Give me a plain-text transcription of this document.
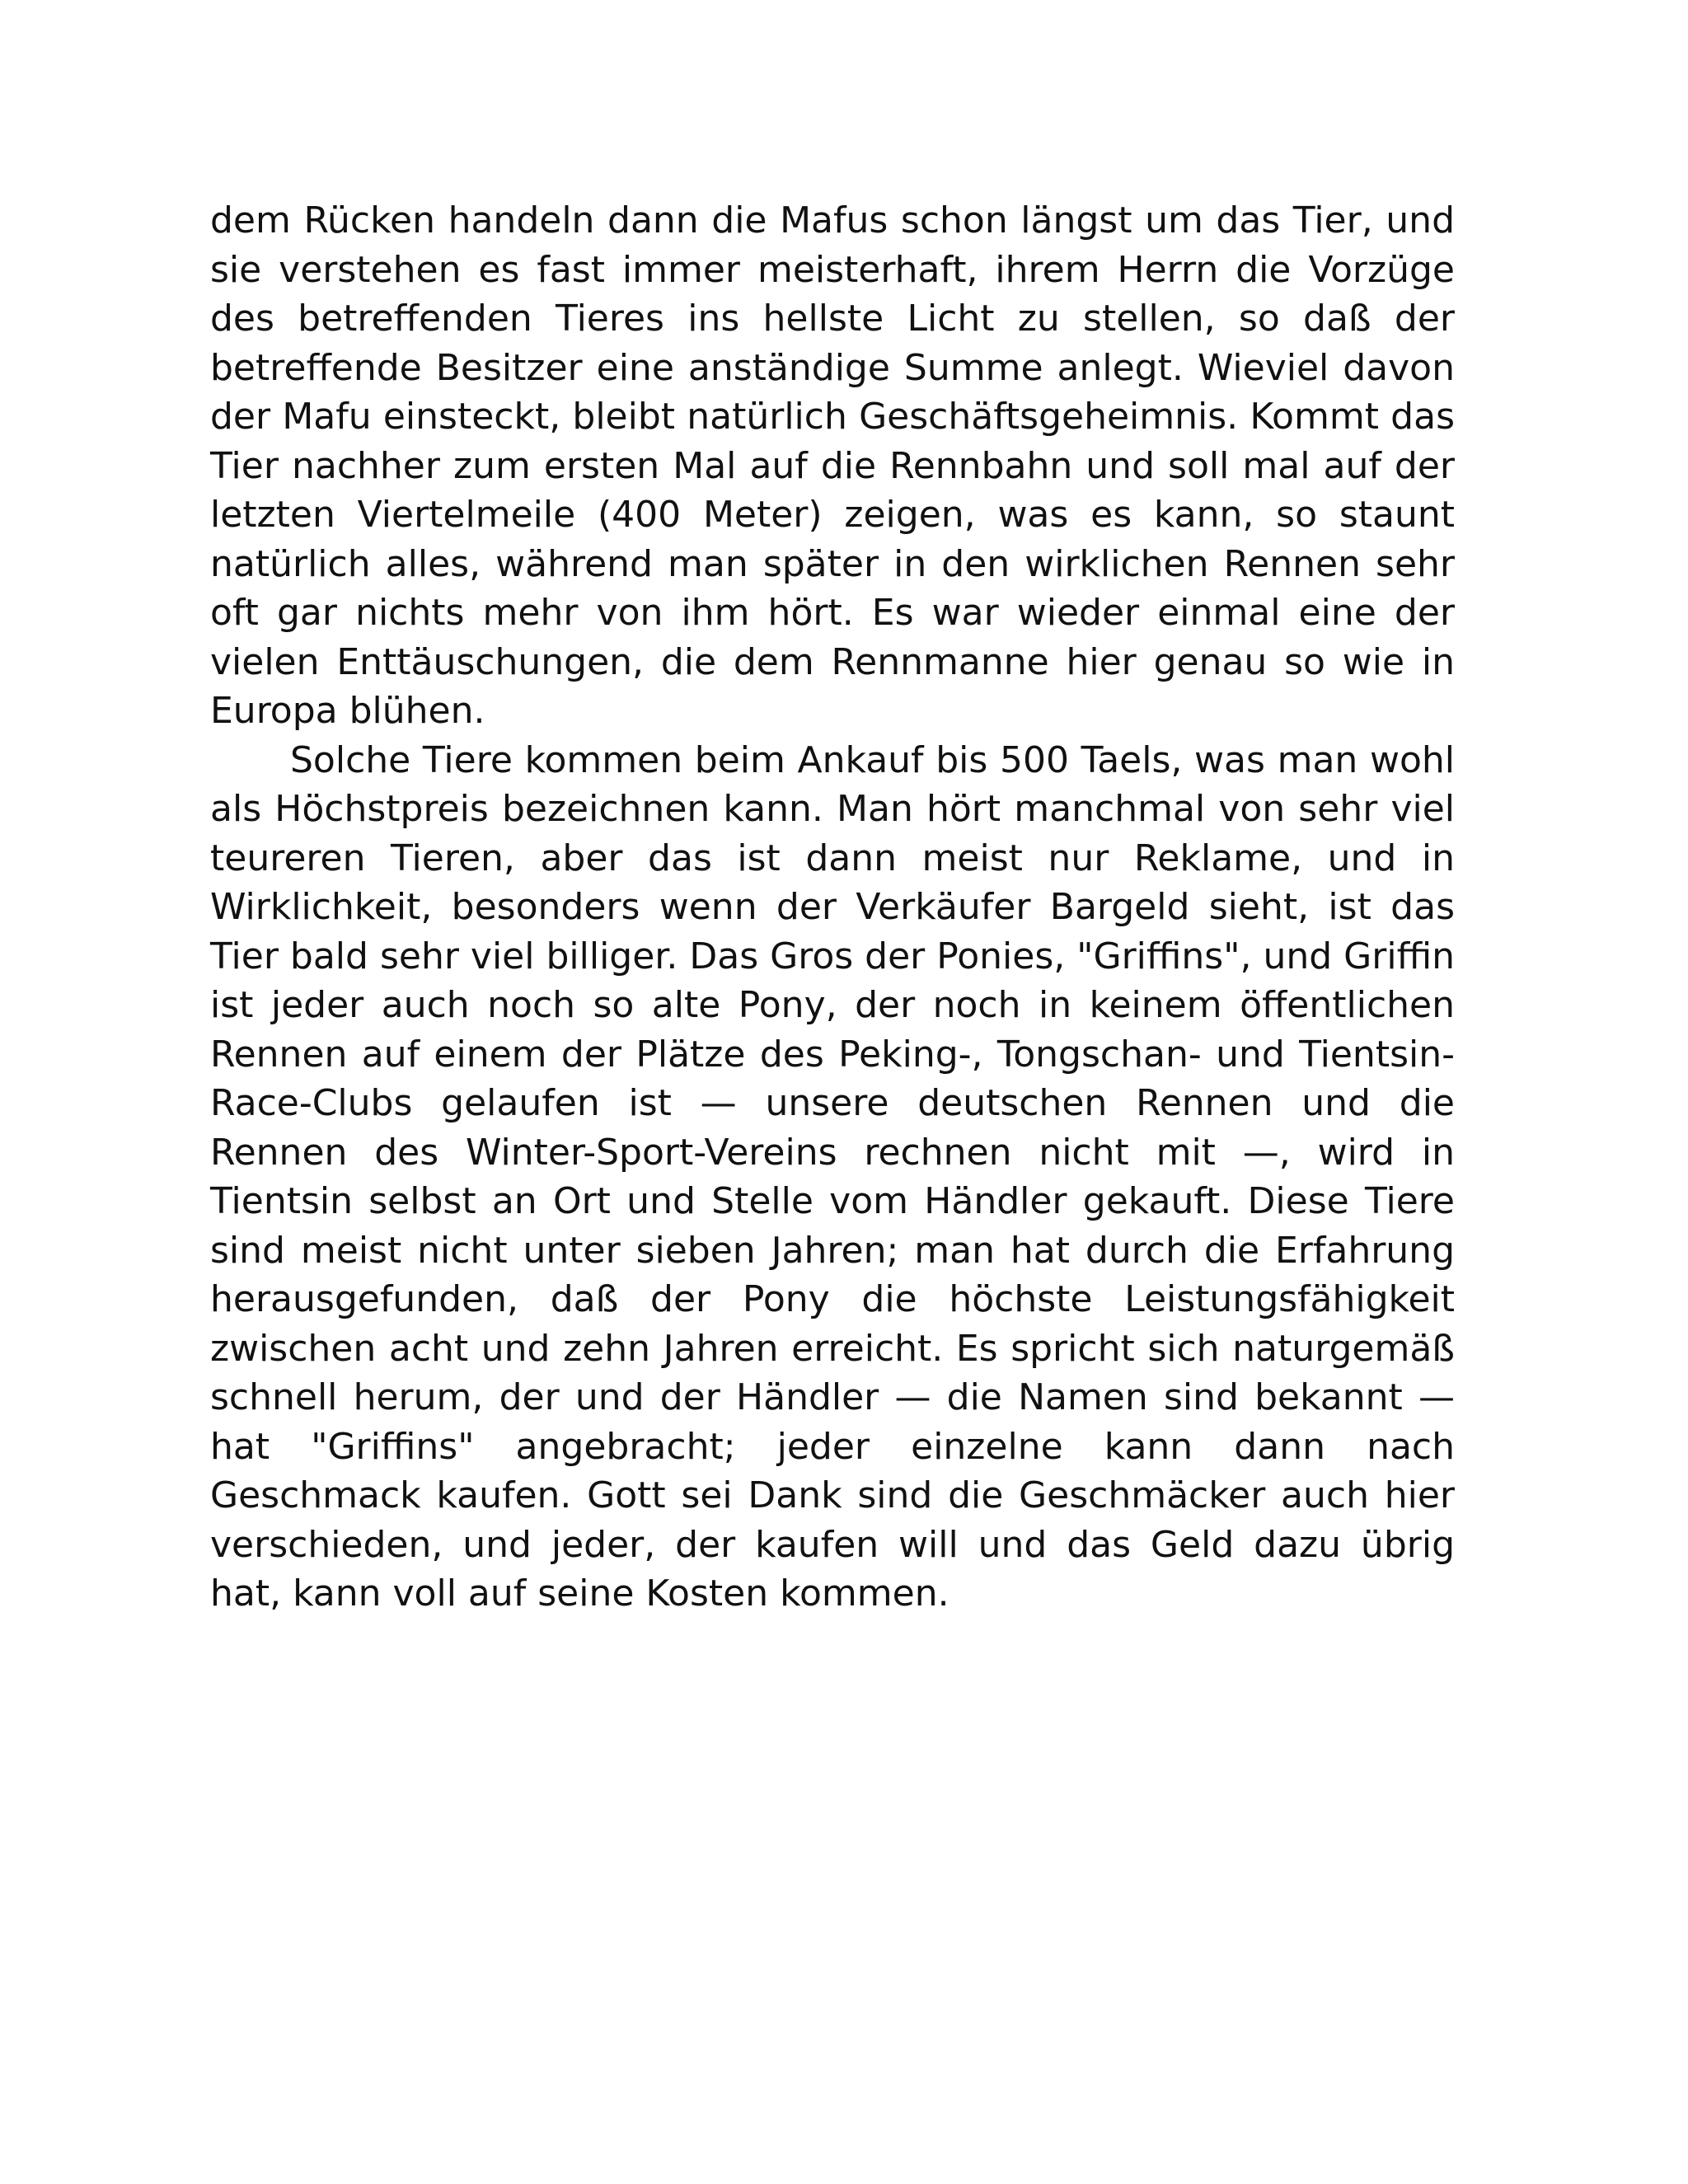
dem Rücken handeln dann die Mafus schon längst um das Tier, und sie verstehen es fast immer meisterhaft, ihrem Herrn die Vorzüge des betreffenden Tieres ins hellste Licht zu stellen, so daß der betreffende Besitzer eine anständige Summe anlegt. Wieviel davon der Mafu einsteckt, bleibt natürlich Geschäftsgeheimnis. Kommt das Tier nachher zum ersten Mal auf die Rennbahn und soll mal auf der letzten Viertelmeile (400 Meter) zeigen, was es kann, so staunt natürlich alles, während man später in den wirklichen Rennen sehr oft gar nichts mehr von ihm hört. Es war wieder einmal eine der vielen Enttäuschungen, die dem Rennmanne hier genau so wie in Europa blühen.

Solche Tiere kommen beim Ankauf bis 500 Taels, was man wohl als Höchstpreis bezeichnen kann. Man hört manchmal von sehr viel teureren Tieren, aber das ist dann meist nur Reklame, und in Wirklichkeit, besonders wenn der Verkäufer Bargeld sieht, ist das Tier bald sehr viel billiger. Das Gros der Ponies, "Griffins", und Griffin ist jeder auch noch so alte Pony, der noch in keinem öffentlichen Rennen auf einem der Plätze des Peking-, Tongschan- und Tientsin-Race-Clubs gelaufen ist — unsere deutschen Rennen und die Rennen des Winter-Sport-Vereins rechnen nicht mit —, wird in Tientsin selbst an Ort und Stelle vom Händler gekauft. Diese Tiere sind meist nicht unter sieben Jahren; man hat durch die Erfahrung herausgefunden, daß der Pony die höchste Leistungsfähigkeit zwischen acht und zehn Jahren erreicht. Es spricht sich naturgemäß schnell herum, der und der Händler — die Namen sind bekannt — hat "Griffins" angebracht; jeder einzelne kann dann nach Geschmack kaufen. Gott sei Dank sind die Geschmäcker auch hier verschieden, und jeder, der kaufen will und das Geld dazu übrig hat, kann voll auf seine Kosten kommen.
